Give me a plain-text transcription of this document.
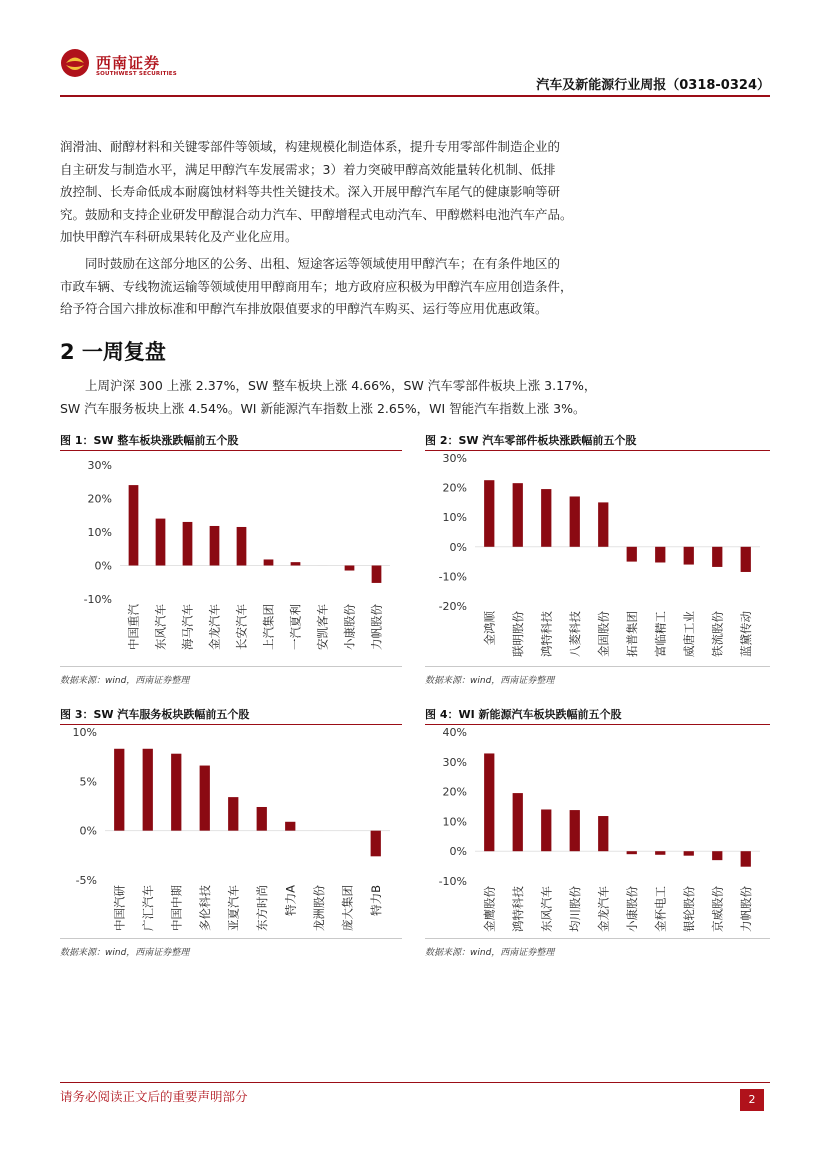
西南证券
SOUTHWEST SECURITIES
汽车及新能源行业周报（0318-0324）

润滑油、耐醇材料和关键零部件等领域，构建规模化制造体系，提升专用零部件制造企业的

自主研发与制造水平，满足甲醇汽车发展需求；3）着力突破甲醇高效能量转化机制、低排

放控制、长寿命低成本耐腐蚀材料等共性关键技术。深入开展甲醇汽车尾气的健康影响等研

究。鼓励和支持企业研发甲醇混合动力汽车、甲醇增程式电动汽车、甲醇燃料电池汽车产品。

加快甲醇汽车科研成果转化及产业化应用。

同时鼓励在这部分地区的公务、出租、短途客运等领域使用甲醇汽车；在有条件地区的

市政车辆、专线物流运输等领域使用甲醇商用车；地方政府应积极为甲醇汽车应用创造条件，

给予符合国六排放标准和甲醇汽车排放限值要求的甲醇汽车购买、运行等应用优惠政策。

2 一周复盘

上周沪深 300 上涨 2.37%，SW 整车板块上涨 4.66%，SW 汽车零部件板块上涨 3.17%，

SW 汽车服务板块上涨 4.54%。WI 新能源汽车指数上涨 2.65%，WI 智能汽车指数上涨 3%。

图 1：SW 整车板块涨跌幅前五个股
-10%
0%
10%
20%
30%
中国重汽 东风汽车 海马汽车 金龙汽车 长安汽车 上汽集团 一汽夏利 安凯客车 小康股份 力帆股份
数据来源：wind，西南证券整理
图 2：SW 汽车零部件板块涨跌幅前五个股
-20%
-10%
0%
10%
20%
30%
金鸿顺 联明股份 鸿特科技 八菱科技 金固股份 拓普集团 富临精工 威唐工业 铁流股份 蓝黛传动
数据来源：wind，西南证券整理
图 3：SW 汽车服务板块跌幅前五个股
-5%
0%
5%
10%
中国汽研 广汇汽车 中国中期 多伦科技 亚夏汽车 东方时尚 特力A 龙洲股份 庞大集团 特力B
数据来源：wind，西南证券整理
图 4：WI 新能源汽车板块跌幅前五个股
-10%
0%
10%
20%
30%
40%
金鹰股份 鸿特科技 东风汽车 均川股份 金龙汽车 小康股份 金杯电工 银轮股份 京威股份 力帆股份
数据来源：wind，西南证券整理
请务必阅读正文后的重要声明部分	2
